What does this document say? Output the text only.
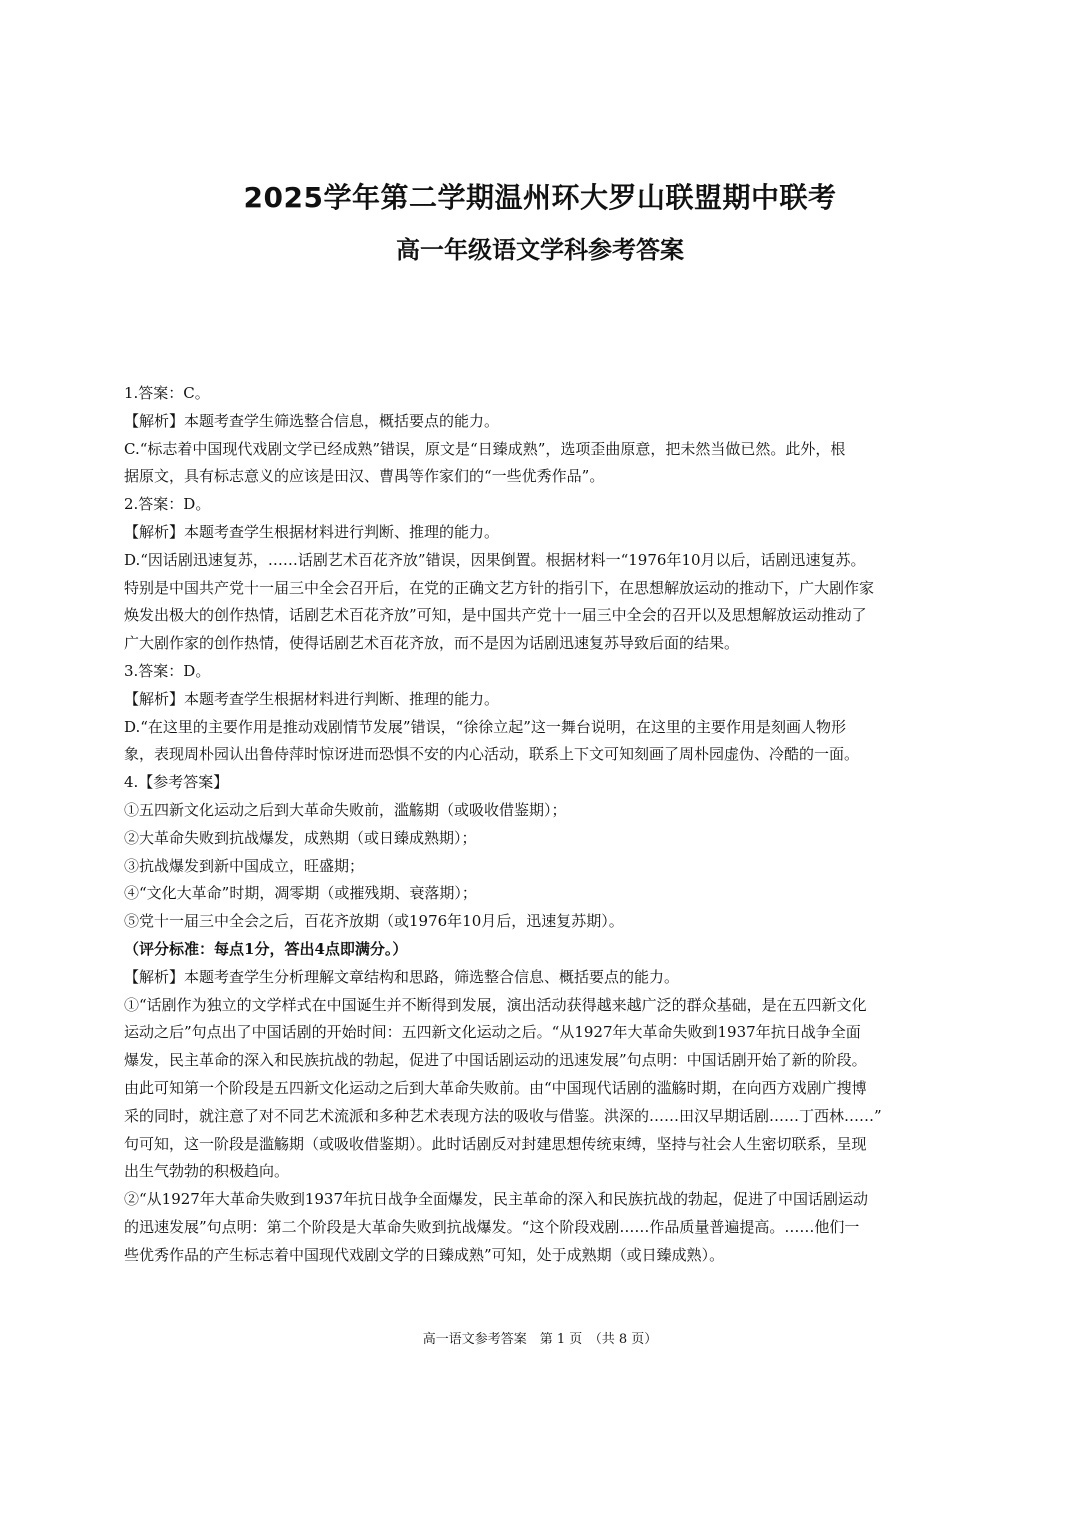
2025学年第二学期温州环大罗山联盟期中联考
高一年级语文学科参考答案
1.答案：C。
【解析】本题考查学生筛选整合信息，概括要点的能力。
C.“标志着中国现代戏剧文学已经成熟”错误，原文是“日臻成熟”，选项歪曲原意，把未然当做已然。此外，根
据原文，具有标志意义的应该是田汉、曹禺等作家们的“一些优秀作品”。
2.答案：D。
【解析】本题考查学生根据材料进行判断、推理的能力。
D.“因话剧迅速复苏，……话剧艺术百花齐放”错误，因果倒置。根据材料一“1976年10月以后，话剧迅速复苏。
特别是中国共产党十一届三中全会召开后，在党的正确文艺方针的指引下，在思想解放运动的推动下，广大剧作家
焕发出极大的创作热情，话剧艺术百花齐放”可知，是中国共产党十一届三中全会的召开以及思想解放运动推动了
广大剧作家的创作热情，使得话剧艺术百花齐放，而不是因为话剧迅速复苏导致后面的结果。
3.答案：D。
【解析】本题考查学生根据材料进行判断、推理的能力。
D.“在这里的主要作用是推动戏剧情节发展”错误，“徐徐立起”这一舞台说明，在这里的主要作用是刻画人物形
象，表现周朴园认出鲁侍萍时惊讶进而恐惧不安的内心活动，联系上下文可知刻画了周朴园虚伪、冷酷的一面。
4.【参考答案】
①五四新文化运动之后到大革命失败前，滥觞期（或吸收借鉴期）；
②大革命失败到抗战爆发，成熟期（或日臻成熟期）；
③抗战爆发到新中国成立，旺盛期；
④“文化大革命”时期，凋零期（或摧残期、衰落期）；
⑤党十一届三中全会之后，百花齐放期（或1976年10月后，迅速复苏期）。
（评分标准：每点1分，答出4点即满分。）
【解析】本题考查学生分析理解文章结构和思路，筛选整合信息、概括要点的能力。
①“话剧作为独立的文学样式在中国诞生并不断得到发展，演出活动获得越来越广泛的群众基础，是在五四新文化
运动之后”句点出了中国话剧的开始时间：五四新文化运动之后。“从1927年大革命失败到1937年抗日战争全面
爆发，民主革命的深入和民族抗战的勃起，促进了中国话剧运动的迅速发展”句点明：中国话剧开始了新的阶段。
由此可知第一个阶段是五四新文化运动之后到大革命失败前。由“中国现代话剧的滥觞时期，在向西方戏剧广搜博
采的同时，就注意了对不同艺术流派和多种艺术表现方法的吸收与借鉴。洪深的……田汉早期话剧……丁西林……”
句可知，这一阶段是滥觞期（或吸收借鉴期）。此时话剧反对封建思想传统束缚，坚持与社会人生密切联系，呈现
出生气勃勃的积极趋向。
②“从1927年大革命失败到1937年抗日战争全面爆发，民主革命的深入和民族抗战的勃起，促进了中国话剧运动
的迅速发展”句点明：第二个阶段是大革命失败到抗战爆发。“这个阶段戏剧……作品质量普遍提高。……他们一
些优秀作品的产生标志着中国现代戏剧文学的日臻成熟”可知，处于成熟期（或日臻成熟）。
高一语文参考答案　第 1 页　（共 8 页）
